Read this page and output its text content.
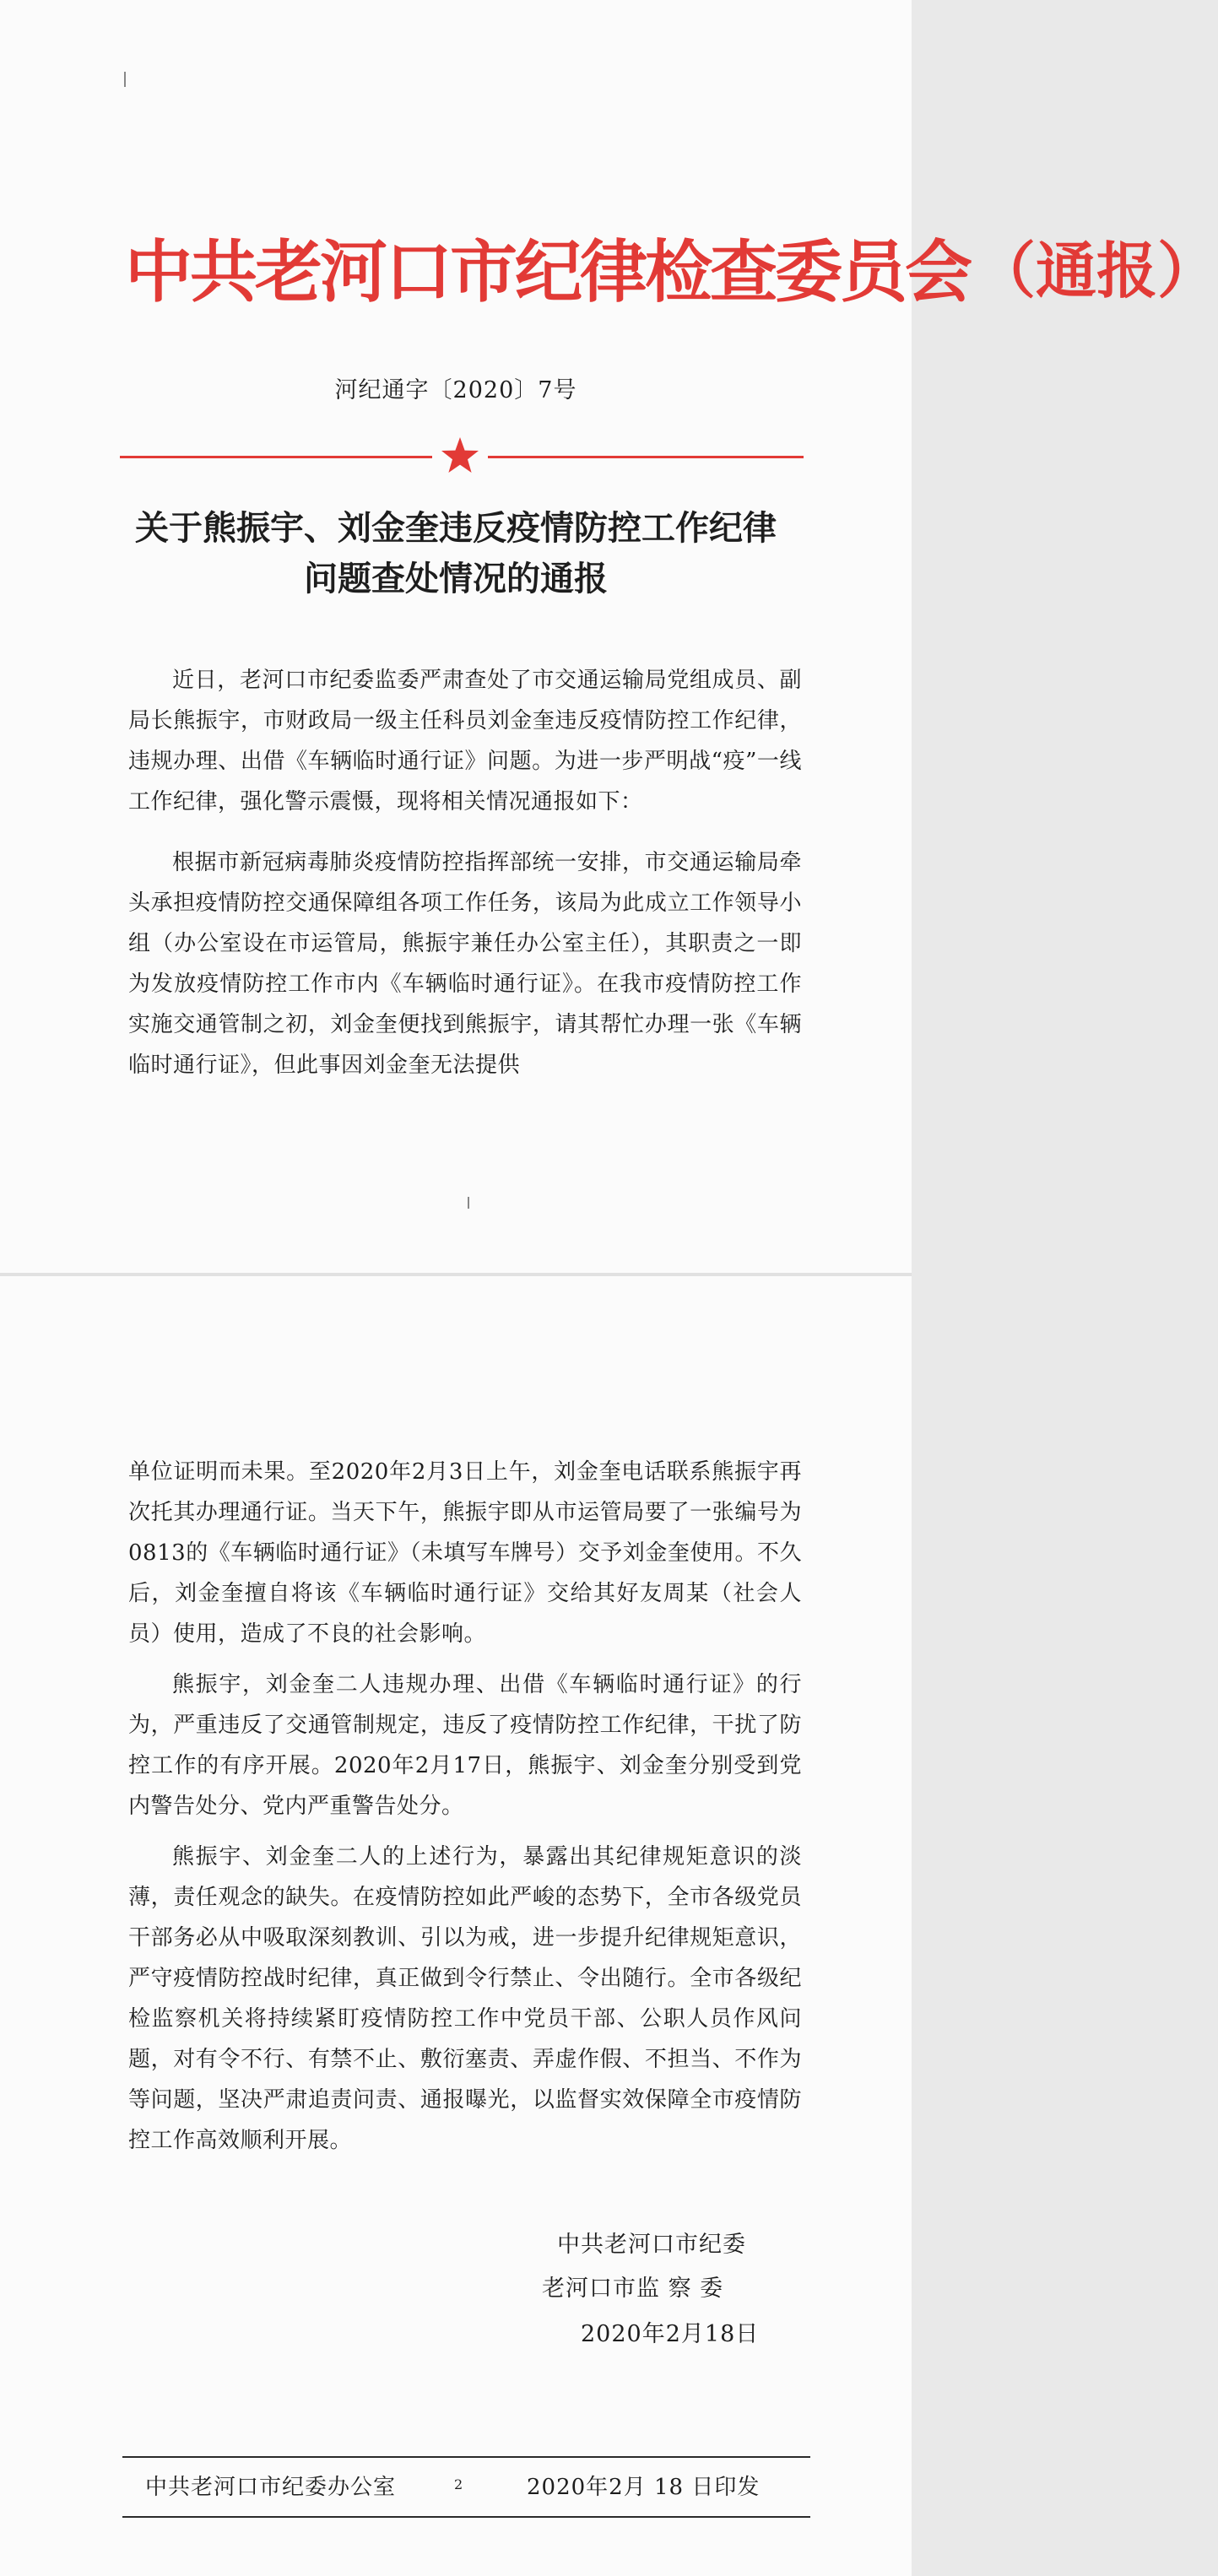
中共老河口市纪律检查委员会 （通报）
河纪通字〔2020〕7号
关于熊振宇、刘金奎违反疫情防控工作纪律
问题查处情况的通报
近日，老河口市纪委监委严肃查处了市交通运输局党组成员、副局长熊振宇，市财政局一级主任科员刘金奎违反疫情防控工作纪律，违规办理、出借《车辆临时通行证》问题。为进一步严明战“疫”一线工作纪律，强化警示震慑，现将相关情况通报如下：
根据市新冠病毒肺炎疫情防控指挥部统一安排，市交通运输局牵头承担疫情防控交通保障组各项工作任务，该局为此成立工作领导小组（办公室设在市运管局，熊振宇兼任办公室主任），其职责之一即为发放疫情防控工作市内《车辆临时通行证》。在我市疫情防控工作实施交通管制之初，刘金奎便找到熊振宇，请其帮忙办理一张《车辆临时通行证》，但此事因刘金奎无法提供
单位证明而未果。至2020年2月3日上午，刘金奎电话联系熊振宇再次托其办理通行证。当天下午，熊振宇即从市运管局要了一张编号为0813的《车辆临时通行证》（未填写车牌号）交予刘金奎使用。不久后，刘金奎擅自将该《车辆临时通行证》交给其好友周某（社会人员）使用，造成了不良的社会影响。
熊振宇，刘金奎二人违规办理、出借《车辆临时通行证》的行为，严重违反了交通管制规定，违反了疫情防控工作纪律，干扰了防控工作的有序开展。2020年2月17日，熊振宇、刘金奎分别受到党内警告处分、党内严重警告处分。
熊振宇、刘金奎二人的上述行为，暴露出其纪律规矩意识的淡薄，责任观念的缺失。在疫情防控如此严峻的态势下，全市各级党员干部务必从中吸取深刻教训、引以为戒，进一步提升纪律规矩意识，严守疫情防控战时纪律，真正做到令行禁止、令出随行。全市各级纪检监察机关将持续紧盯疫情防控工作中党员干部、公职人员作风问题，对有令不行、有禁不止、敷衍塞责、弄虚作假、不担当、不作为等问题，坚决严肃追责问责、通报曝光，以监督实效保障全市疫情防控工作高效顺利开展。
中共老河口市纪委
老河口市监 察 委
2020年2月18日
中共老河口市纪委办公室	2	2020年2月 18 日印发
